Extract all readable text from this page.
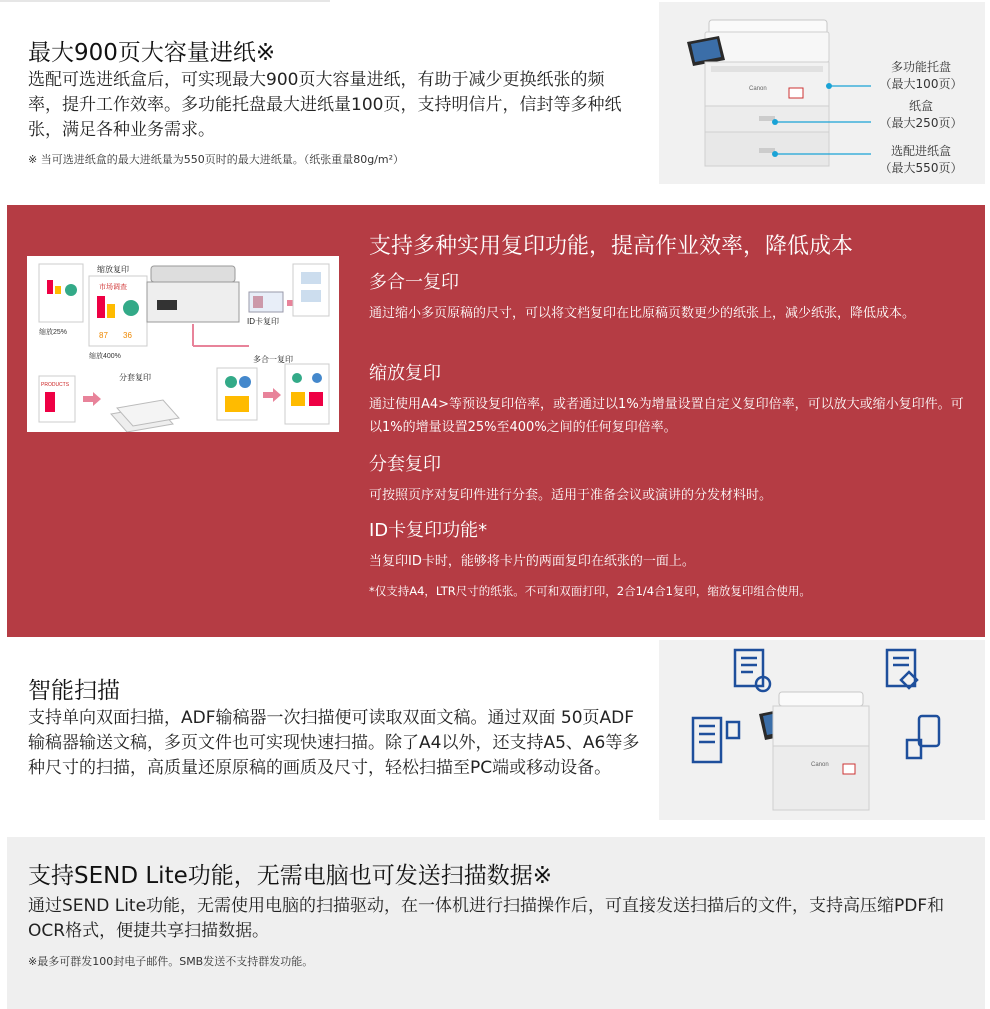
最大900页大容量进纸※
选配可选进纸盒后，可实现最大900页大容量进纸，有助于减少更换纸张的频率，提升工作效率。多功能托盘最大进纸量100页，支持明信片，信封等多种纸张，满足各种业务需求。
※ 当可选进纸盒的最大进纸量为550页时的最大进纸量。（纸张重量80g/m²）
Canon
多功能托盘
（最大100页）
纸盒
（最大250页）
选配进纸盒
（最大550页）
缩放25%
市场调查
87 36
缩放400%
缩放复印
ID卡复印
多合一复印
PRODUCTS
分套复印
支持多种实用复印功能，提高作业效率，降低成本
多合一复印
通过缩小多页原稿的尺寸，可以将文档复印在比原稿页数更少的纸张上，减少纸张，降低成本。
缩放复印
通过使用A4>等预设复印倍率，或者通过以1%为增量设置自定义复印倍率，可以放大或缩小复印件。可以1%的增量设置25%至400%之间的任何复印倍率。
分套复印
可按照页序对复印件进行分套。适用于准备会议或演讲的分发材料时。
ID卡复印功能*
当复印ID卡时，能够将卡片的两面复印在纸张的一面上。
*仅支持A4，LTR尺寸的纸张。不可和双面打印，2合1/4合1复印，缩放复印组合使用。
智能扫描
支持单向双面扫描，ADF输稿器一次扫描便可读取双面文稿。通过双面 50页ADF输稿器输送文稿，多页文件也可实现快速扫描。除了A4以外，还支持A5、A6等多种尺寸的扫描，高质量还原原稿的画质及尺寸，轻松扫描至PC端或移动设备。	Canon
支持SEND Lite功能，无需电脑也可发送扫描数据※
通过SEND Lite功能，无需使用电脑的扫描驱动，在一体机进行扫描操作后，可直接发送扫描后的文件，支持高压缩PDF和OCR格式，便捷共享扫描数据。
※最多可群发100封电子邮件。SMB发送不支持群发功能。
